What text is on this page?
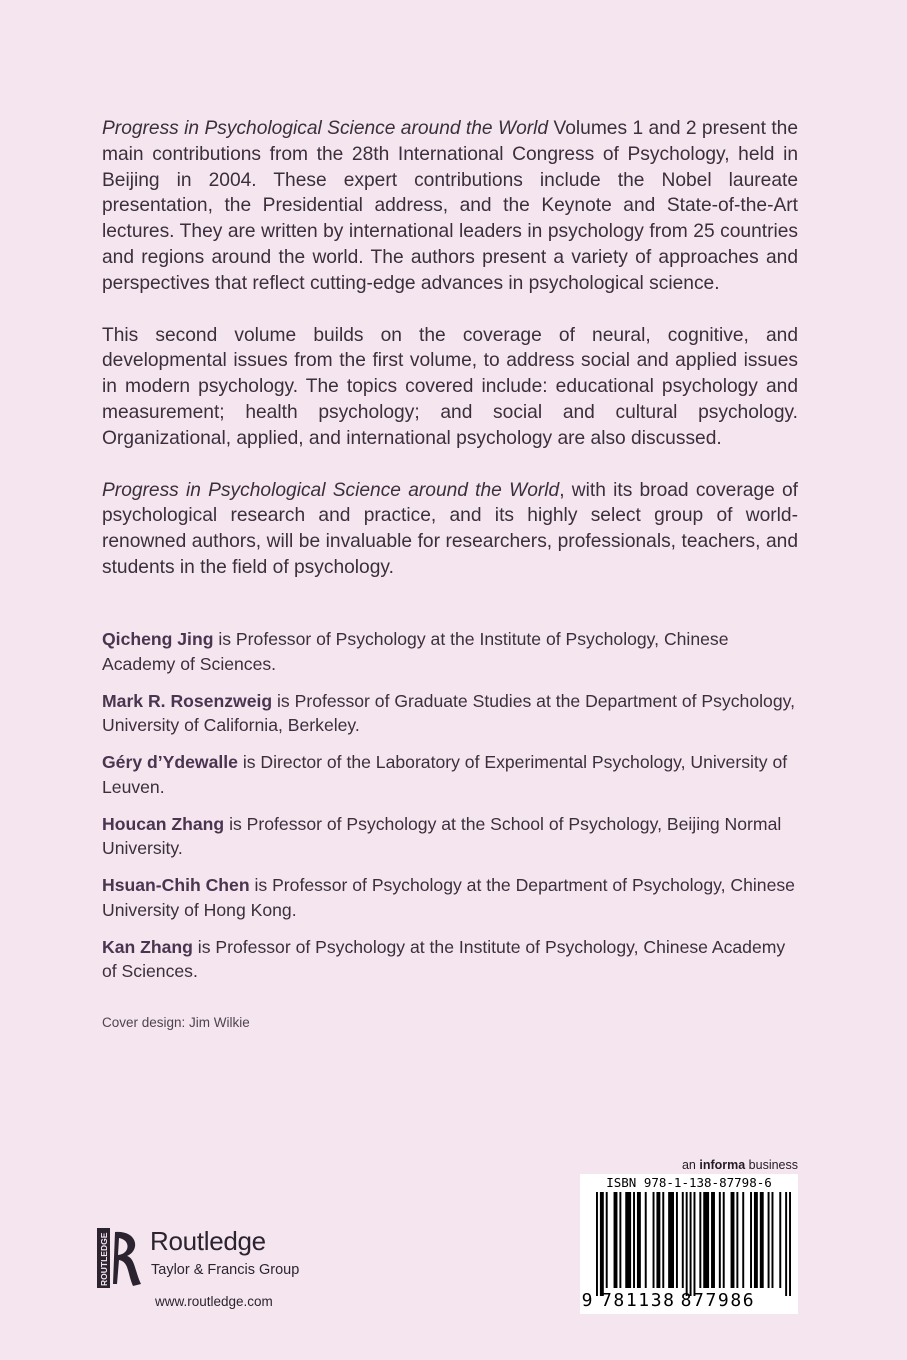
Progress in Psychological Science around the World Volumes 1 and 2 present the main contributions from the 28th International Congress of Psychology, held in Beijing in 2004. These expert contributions include the Nobel laureate presentation, the Presidential address, and the Keynote and State-of-the-Art lectures. They are written by international leaders in psychology from 25 countries and regions around the world. The authors present a variety of approaches and perspectives that reflect cutting-edge advances in psychological science.

This second volume builds on the coverage of neural, cognitive, and developmental issues from the first volume, to address social and applied issues in modern psychology. The topics covered include: educational psychology and measurement; health psychology; and social and cultural psychology. Organizational, applied, and international psychology are also discussed.

Progress in Psychological Science around the World, with its broad coverage of psychological research and practice, and its highly select group of world-renowned authors, will be invaluable for researchers, professionals, teachers, and students in the field of psychology.

Qicheng Jing is Professor of Psychology at the Institute of Psychology, Chinese Academy of Sciences.
Mark R. Rosenzweig is Professor of Graduate Studies at the Department of Psychology, University of California, Berkeley.
Géry d’Ydewalle is Director of the Laboratory of Experimental Psychology, University of Leuven.
Houcan Zhang is Professor of Psychology at the School of Psychology, Beijing Normal University.
Hsuan-Chih Chen is Professor of Psychology at the Department of Psychology, Chinese University of Hong Kong.
Kan Zhang is Professor of Psychology at the Institute of Psychology, Chinese Academy of Sciences.
Cover design: Jim Wilkie
ROUTLEDGE Routledge
Taylor & Francis Group
www.routledge.com
an informa business
ISBN 978-1-138-87798-6
9 781138 877986
